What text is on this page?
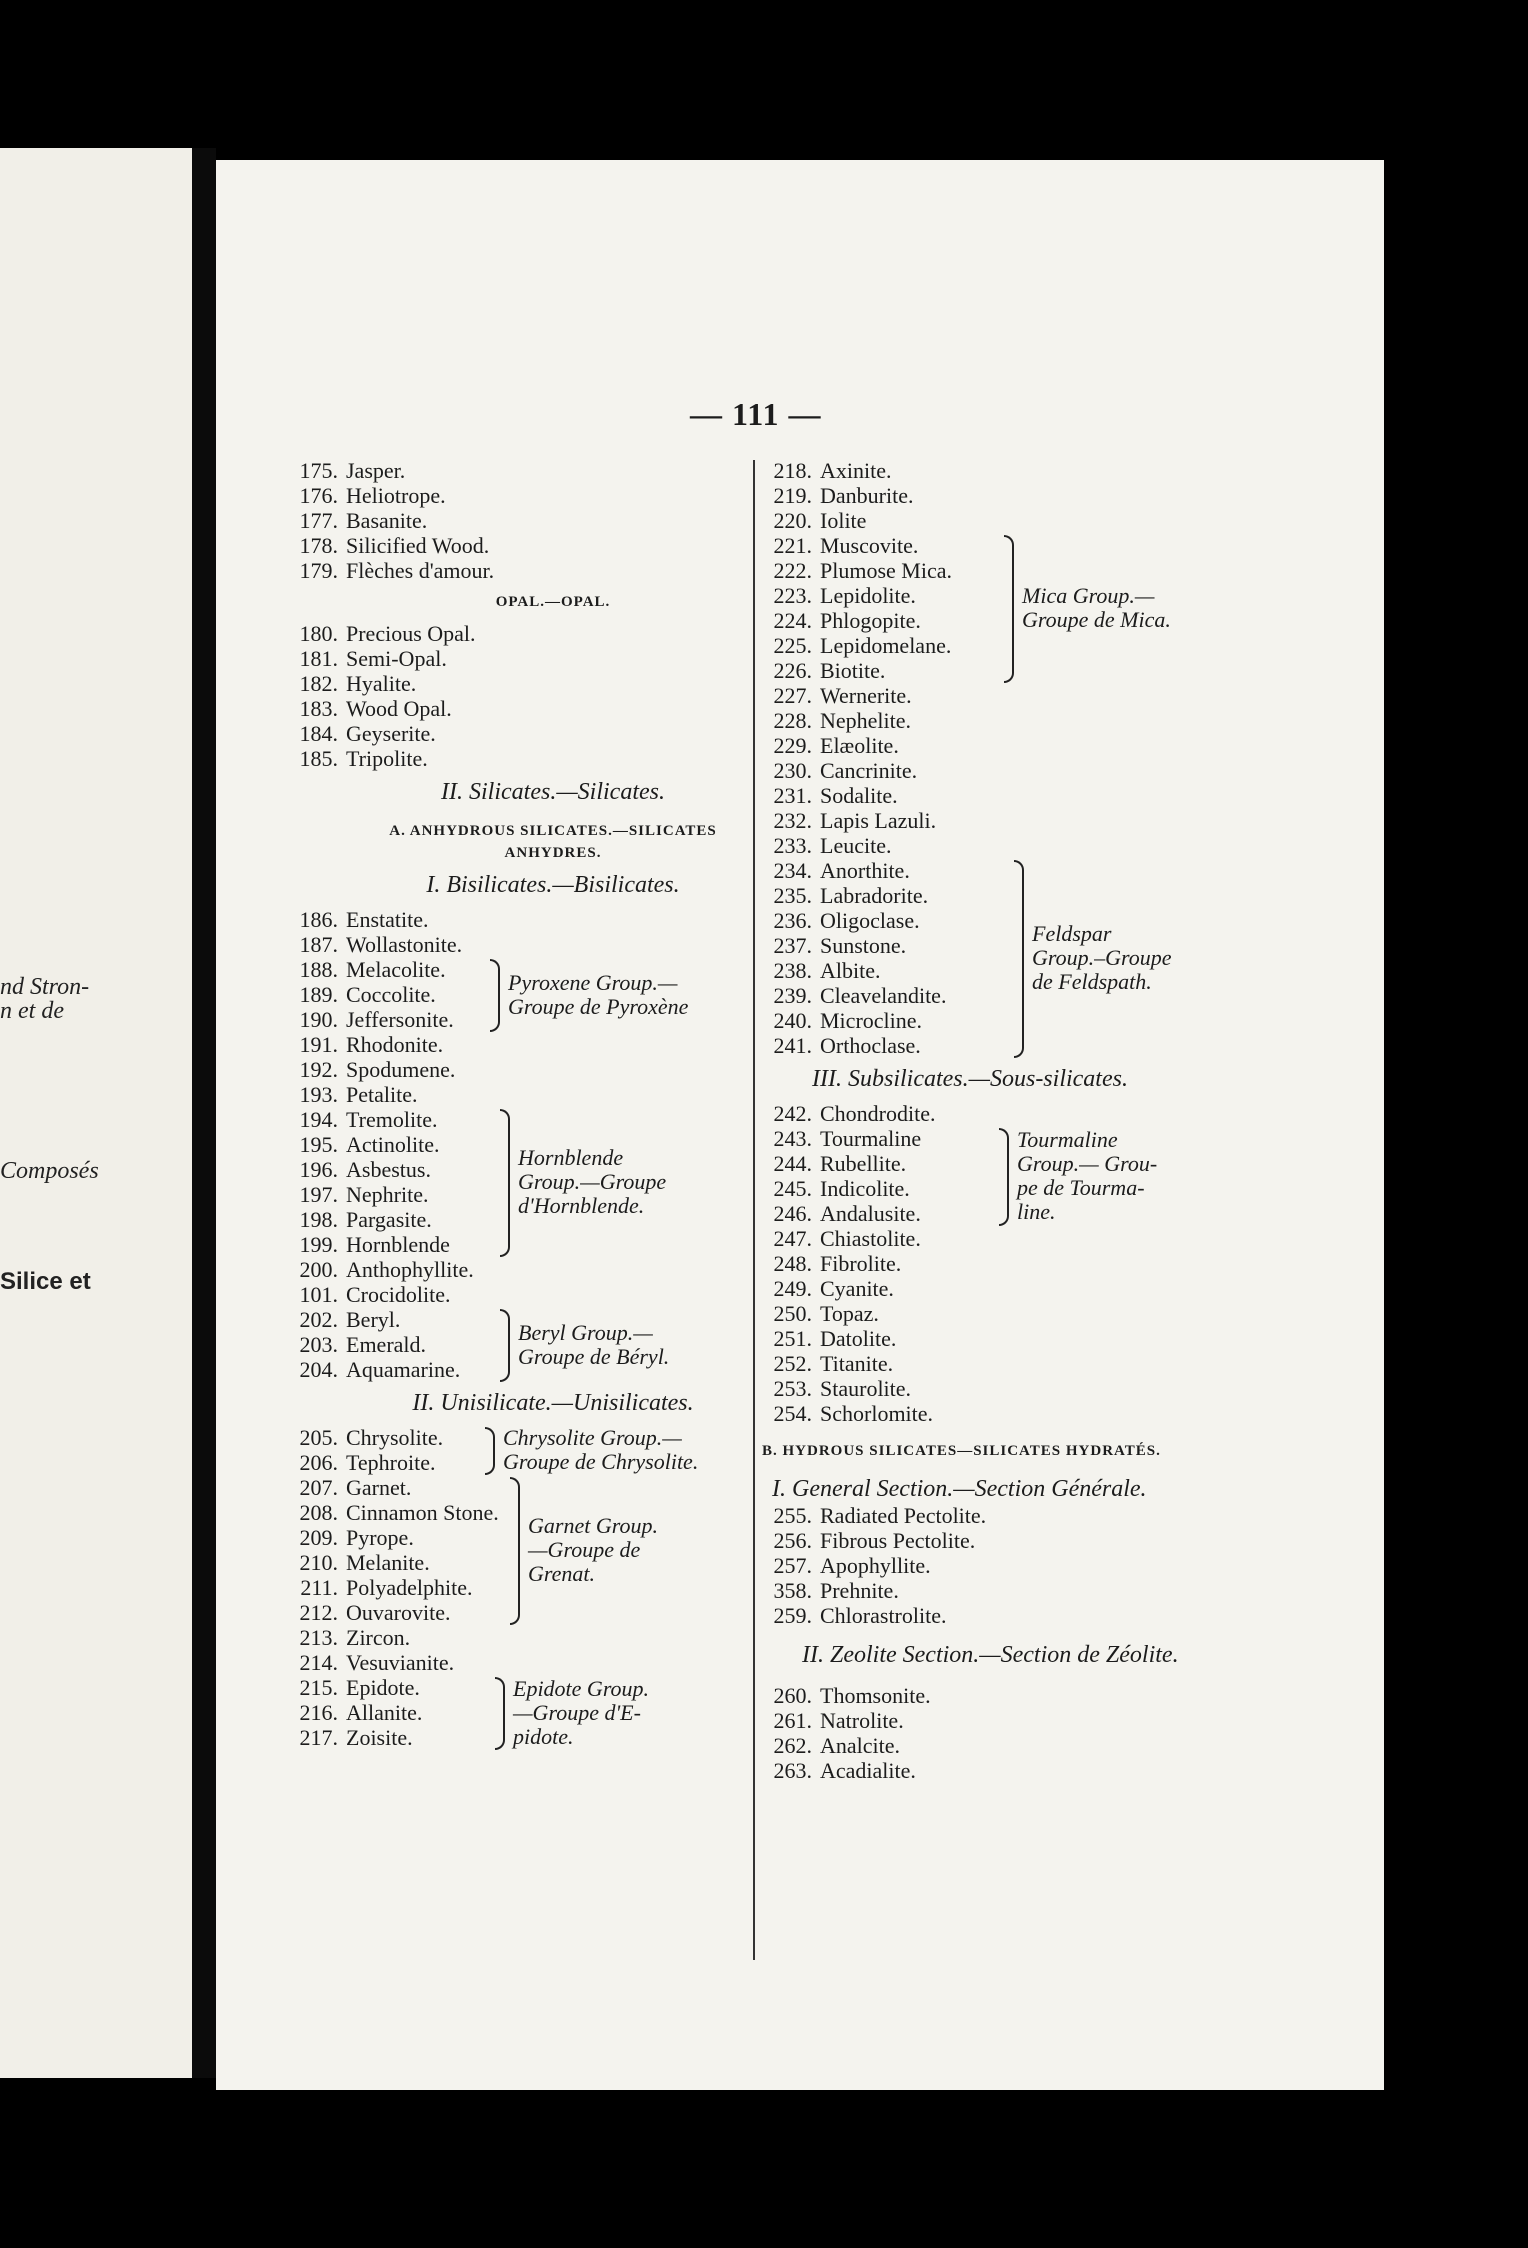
nd Stron-
n et de
Composés
Silice et
— 111 —
175. Jasper.
176. Heliotrope.
177. Basanite.
178. Silicified Wood.
179. Flèches d'amour.
OPAL.—OPAL.
180. Precious Opal.
181. Semi-Opal.
182. Hyalite.
183. Wood Opal.
184. Geyserite.
185. Tripolite.
II. Silicates.—Silicates.
A. ANHYDROUS SILICATES.—SILICATES
ANHYDRES.
I. Bisilicates.—Bisilicates.
186. Enstatite.
187. Wollastonite.
188. Melacolite.
189. Coccolite.
190. Jeffersonite.
Pyroxene Group.—
Groupe de Pyroxène
191. Rhodonite.
192. Spodumene.
193. Petalite.
194. Tremolite.
195. Actinolite.
196. Asbestus.
197. Nephrite.
198. Pargasite.
199. Hornblende
Hornblende
Group.—Groupe
d'Hornblende.
200. Anthophyllite.
101. Crocidolite.
202. Beryl.
203. Emerald.
204. Aquamarine.
Beryl Group.—
Groupe de Béryl.
II. Unisilicate.—Unisilicates.
205. Chrysolite.
206. Tephroite.
Chrysolite Group.—
Groupe de Chrysolite.
207. Garnet.
208. Cinnamon Stone.
209. Pyrope.
210. Melanite.
211. Polyadelphite.
212. Ouvarovite.
Garnet Group.
—Groupe de
Grenat.
213. Zircon.
214. Vesuvianite.
215. Epidote.
216. Allanite.
217. Zoisite.
Epidote Group.
—Groupe d'E-
pidote.
218. Axinite.
219. Danburite.
220. Iolite
221. Muscovite.
222. Plumose Mica.
223. Lepidolite.
224. Phlogopite.
225. Lepidomelane.
226. Biotite.
Mica Group.—
Groupe de Mica.
227. Wernerite.
228. Nephelite.
229. Elæolite.
230. Cancrinite.
231. Sodalite.
232. Lapis Lazuli.
233. Leucite.
234. Anorthite.
235. Labradorite.
236. Oligoclase.
237. Sunstone.
238. Albite.
239. Cleavelandite.
240. Microcline.
241. Orthoclase.
Feldspar
Group.–Groupe
de Feldspath.
III. Subsilicates.—Sous-silicates.
242. Chondrodite.
243. Tourmaline
244. Rubellite.
245. Indicolite.
246. Andalusite.
Tourmaline
Group.— Grou-
pe de Tourma-
line.
247. Chiastolite.
248. Fibrolite.
249. Cyanite.
250. Topaz.
251. Datolite.
252. Titanite.
253. Staurolite.
254. Schorlomite.
B. HYDROUS SILICATES—SILICATES HYDRATÉS.
I. General Section.—Section Générale.
255. Radiated Pectolite.
256. Fibrous Pectolite.
257. Apophyllite.
358. Prehnite.
259. Chlorastrolite.
II. Zeolite Section.—Section de Zéolite.
260. Thomsonite.
261. Natrolite.
262. Analcite.
263. Acadialite.
